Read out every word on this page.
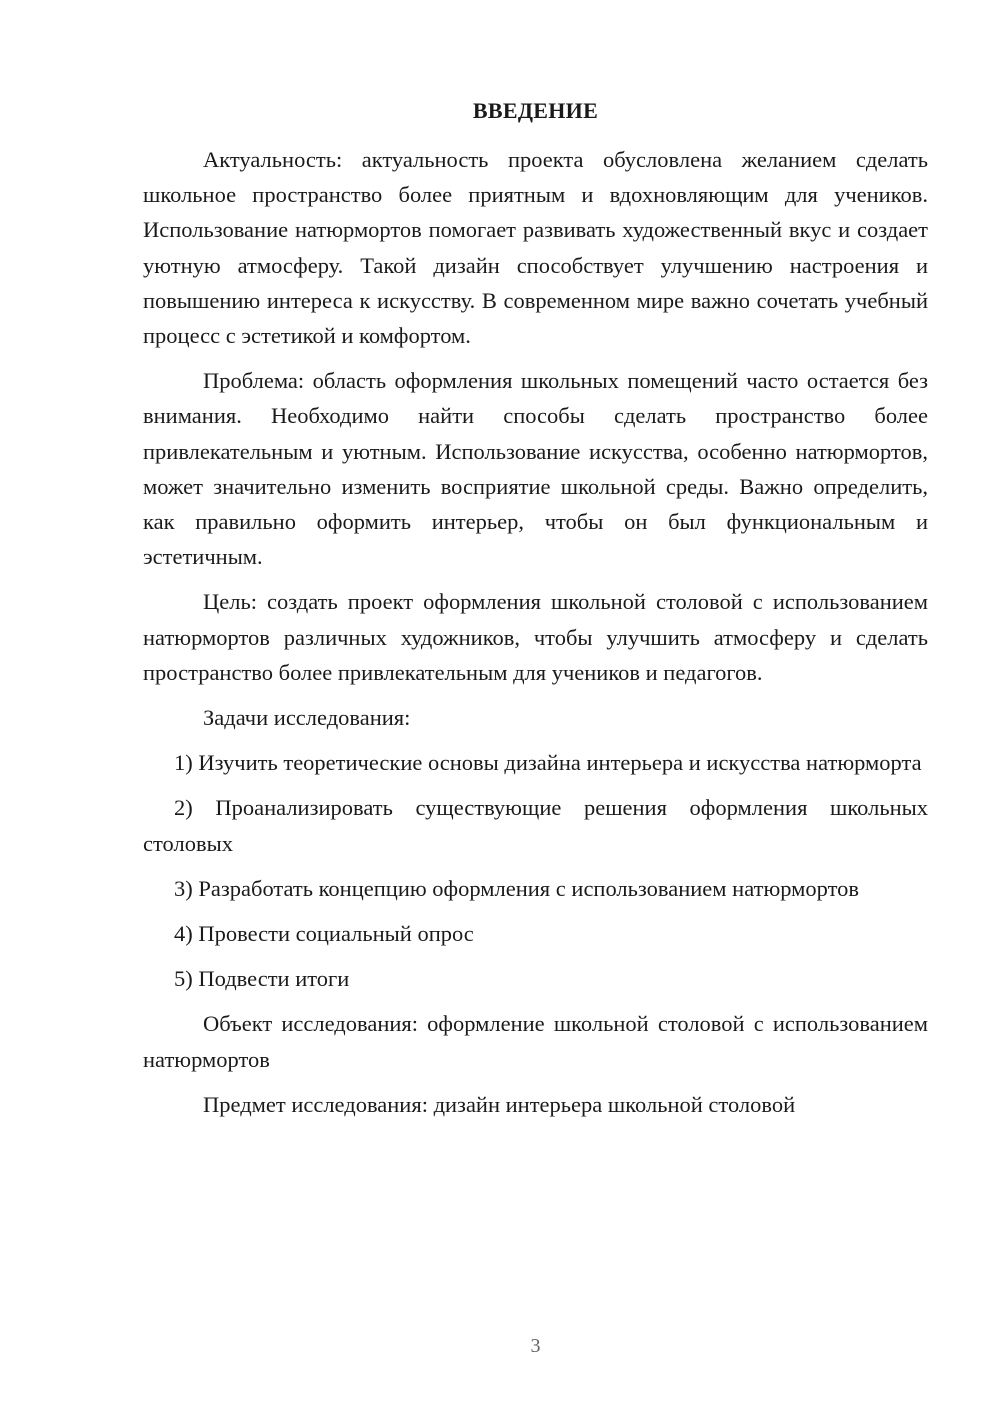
ВВЕДЕНИЕ

Актуальность: актуальность проекта обусловлена желанием сделать школьное пространство более приятным и вдохновляющим для учеников. Использование натюрмортов помогает развивать художественный вкус и создает уютную атмосферу. Такой дизайн способствует улучшению настроения и повышению интереса к искусству. В современном мире важно сочетать учебный процесс с эстетикой и комфортом.

Проблема: область оформления школьных помещений часто остается без внимания. Необходимо найти способы сделать пространство более привлекательным и уютным. Использование искусства, особенно натюрмортов, может значительно изменить восприятие школьной среды. Важно определить, как правильно оформить интерьер, чтобы он был функциональным и эстетичным.

Цель: создать проект оформления школьной столовой с использованием натюрмортов различных художников, чтобы улучшить атмосферу и сделать пространство более привлекательным для учеников и педагогов.

Задачи исследования:

1) Изучить теоретические основы дизайна интерьера и искусства натюрморта

2) Проанализировать существующие решения оформления школьных столовых

3) Разработать концепцию оформления с использованием натюрмортов

4) Провести социальный опрос

5) Подвести итоги

Объект исследования: оформление школьной столовой с использованием натюрмортов

Предмет исследования: дизайн интерьера школьной столовой

3
